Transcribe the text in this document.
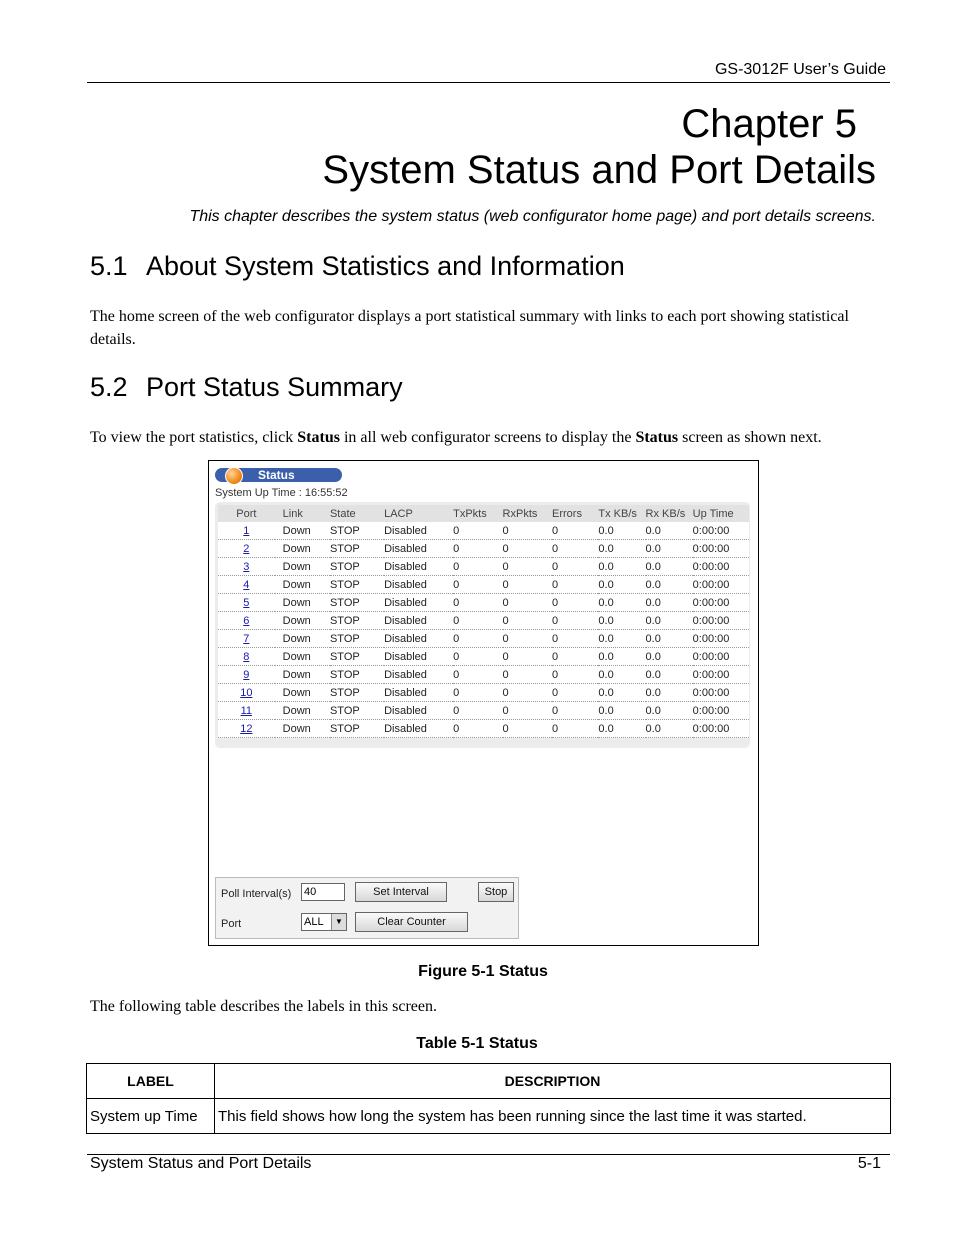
GS-3012F User’s Guide
Chapter 5
System Status and Port Details
This chapter describes the system status (web configurator home page) and port details screens.
5.1 About System Statistics and Information
The home screen of the web configurator displays a port statistical summary with links to each port showing statistical details.
5.2 Port Status Summary
To view the port statistics, click Status in all web configurator screens to display the Status screen as shown next.
Status
System Up Time : 16:55:52
Port	Link	State	LACP	TxPkts	RxPkts	Errors	Tx KB/s	Rx KB/s	Up Time
1	Down	STOP	Disabled	0	0	0	0.0	0.0	0:00:00
2	Down	STOP	Disabled	0	0	0	0.0	0.0	0:00:00
3	Down	STOP	Disabled	0	0	0	0.0	0.0	0:00:00
4	Down	STOP	Disabled	0	0	0	0.0	0.0	0:00:00
5	Down	STOP	Disabled	0	0	0	0.0	0.0	0:00:00
6	Down	STOP	Disabled	0	0	0	0.0	0.0	0:00:00
7	Down	STOP	Disabled	0	0	0	0.0	0.0	0:00:00
8	Down	STOP	Disabled	0	0	0	0.0	0.0	0:00:00
9	Down	STOP	Disabled	0	0	0	0.0	0.0	0:00:00
10	Down	STOP	Disabled	0	0	0	0.0	0.0	0:00:00
11	Down	STOP	Disabled	0	0	0	0.0	0.0	0:00:00
12	Down	STOP	Disabled	0	0	0	0.0	0.0	0:00:00
Poll Interval(s) 40	Set Interval	Stop
Port	ALL	▼	Clear Counter
Figure 5-1 Status
The following table describes the labels in this screen.
Table 5-1 Status
LABEL	DESCRIPTION
System up Time	This field shows how long the system has been running since the last time it was started.
System Status and Port Details	5-1
